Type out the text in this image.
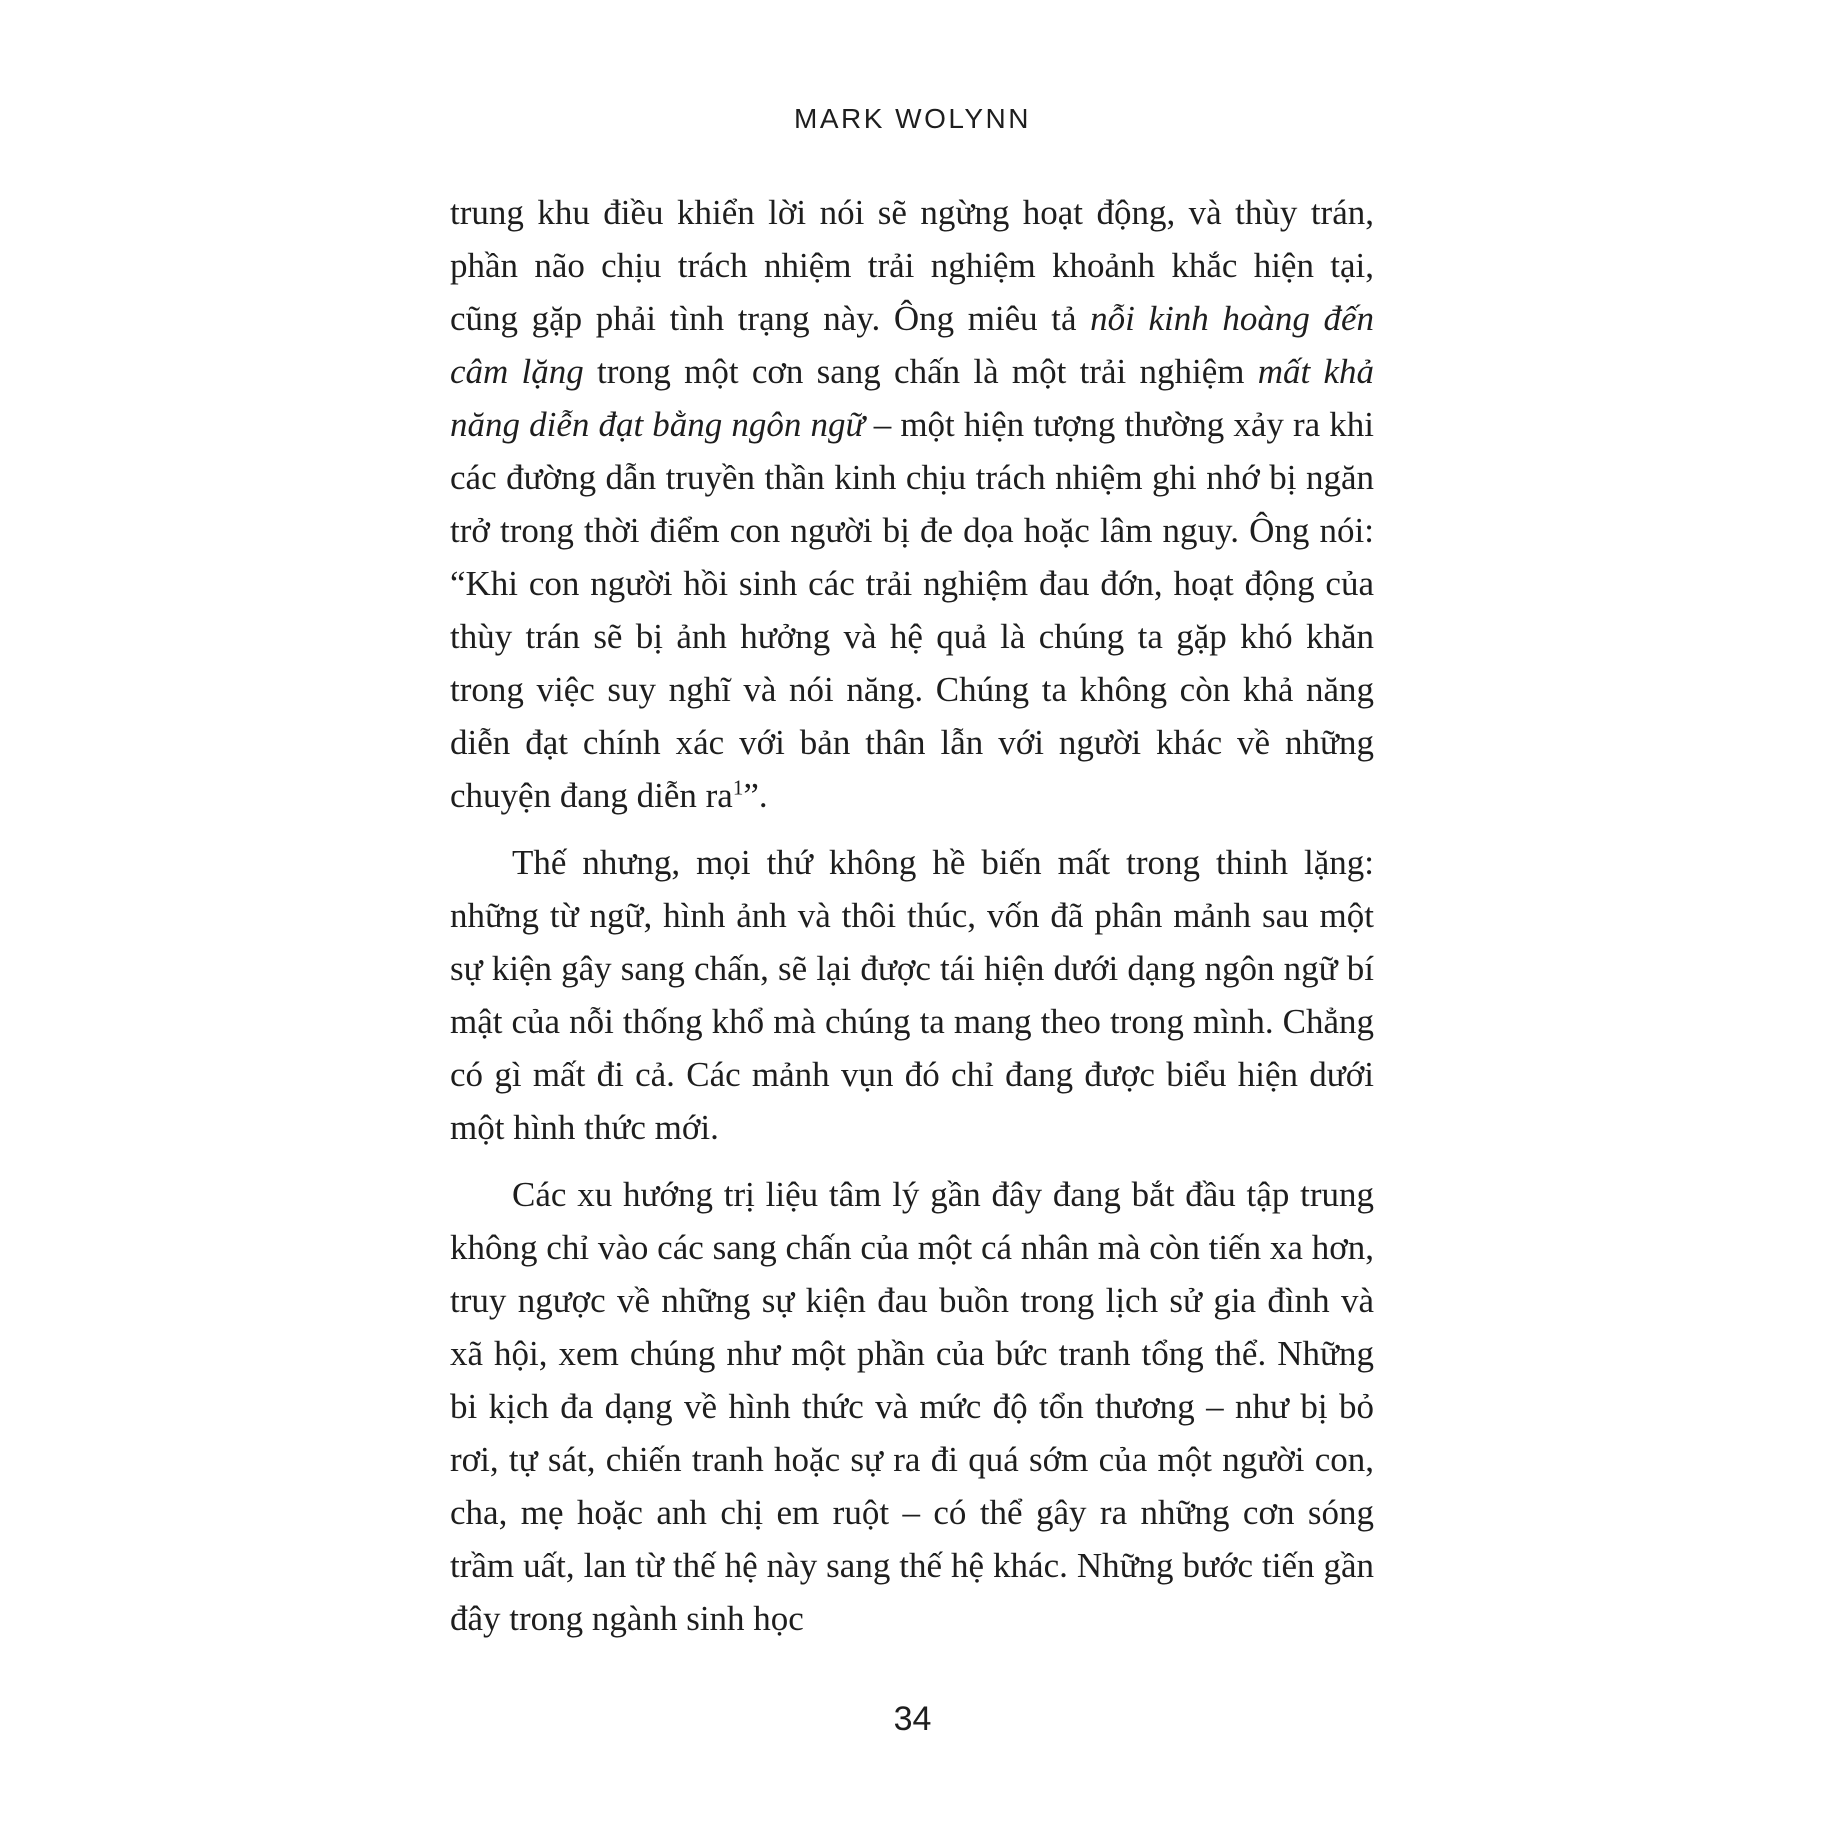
MARK WOLYNN

trung khu điều khiển lời nói sẽ ngừng hoạt động, và thùy trán, phần não chịu trách nhiệm trải nghiệm khoảnh khắc hiện tại, cũng gặp phải tình trạng này. Ông miêu tả nỗi kinh hoàng đến câm lặng trong một cơn sang chấn là một trải nghiệm mất khả năng diễn đạt bằng ngôn ngữ – một hiện tượng thường xảy ra khi các đường dẫn truyền thần kinh chịu trách nhiệm ghi nhớ bị ngăn trở trong thời điểm con người bị đe dọa hoặc lâm nguy. Ông nói: “Khi con người hồi sinh các trải nghiệm đau đớn, hoạt động của thùy trán sẽ bị ảnh hưởng và hệ quả là chúng ta gặp khó khăn trong việc suy nghĩ và nói năng. Chúng ta không còn khả năng diễn đạt chính xác với bản thân lẫn với người khác về những chuyện đang diễn $ra^1$”.

Thế nhưng, mọi thứ không hề biến mất trong thinh lặng: những từ ngữ, hình ảnh và thôi thúc, vốn đã phân mảnh sau một sự kiện gây sang chấn, sẽ lại được tái hiện dưới dạng ngôn ngữ bí mật của nỗi thống khổ mà chúng ta mang theo trong mình. Chẳng có gì mất đi cả. Các mảnh vụn đó chỉ đang được biểu hiện dưới một hình thức mới.

Các xu hướng trị liệu tâm lý gần đây đang bắt đầu tập trung không chỉ vào các sang chấn của một cá nhân mà còn tiến xa hơn, truy ngược về những sự kiện đau buồn trong lịch sử gia đình và xã hội, xem chúng như một phần của bức tranh tổng thể. Những bi kịch đa dạng về hình thức và mức độ tổn thương – như bị bỏ rơi, tự sát, chiến tranh hoặc sự ra đi quá sớm của một người con, cha, mẹ hoặc anh chị em ruột – có thể gây ra những cơn sóng trầm uất, lan từ thế hệ này sang thế hệ khác. Những bước tiến gần đây trong ngành sinh học

34
